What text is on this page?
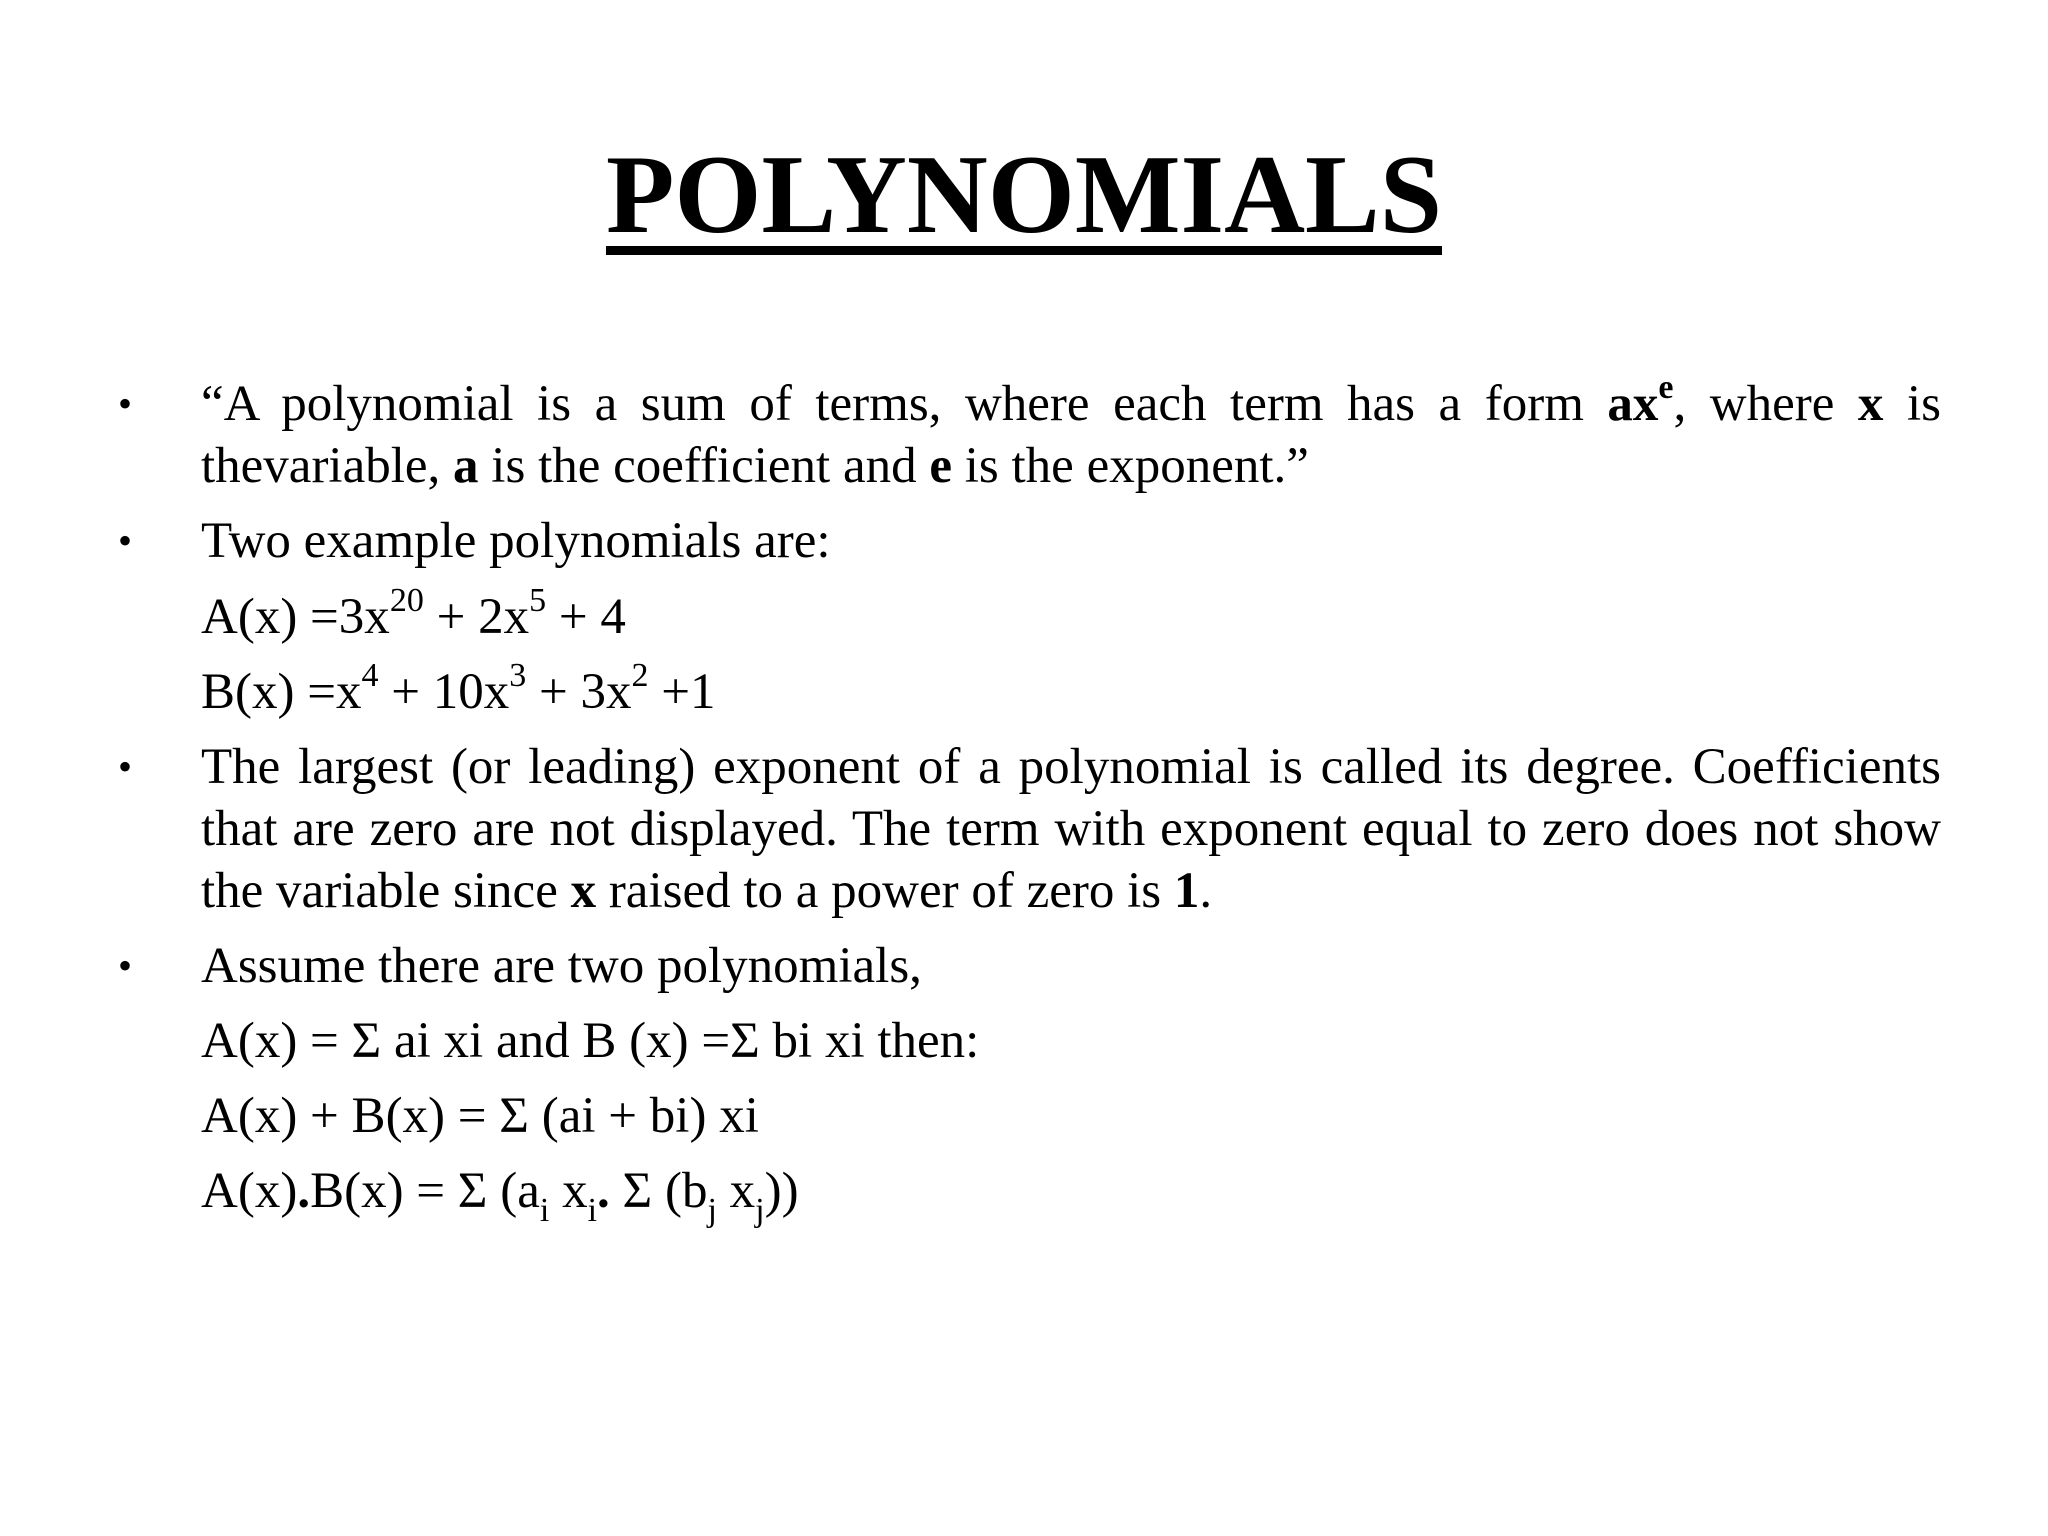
POLYNOMIALS
• “A polynomial is a sum of terms, where each term has a form $ax^e$, where x is
thevariable, a is the coefficient and e is the exponent.”
• Two example polynomials are:
$A(x) =3x^{20} + 2x^5 + 4$
$B(x) =x^4 + 10x^3 + 3x^2 +1$
• The largest (or leading) exponent of a polynomial is called its degree. Coefficients
that are zero are not displayed. The term with exponent equal to zero does not show
the variable since x raised to a power of zero is 1.
• Assume there are two polynomials,
A(x) = Σ ai xi and B (x) =Σ bi xi then:
A(x) + B(x) = Σ (ai + bi) xi
A(x).B(x) = Σ ($a_i$ $x_i$. Σ ($b_j$ $x_j$))
